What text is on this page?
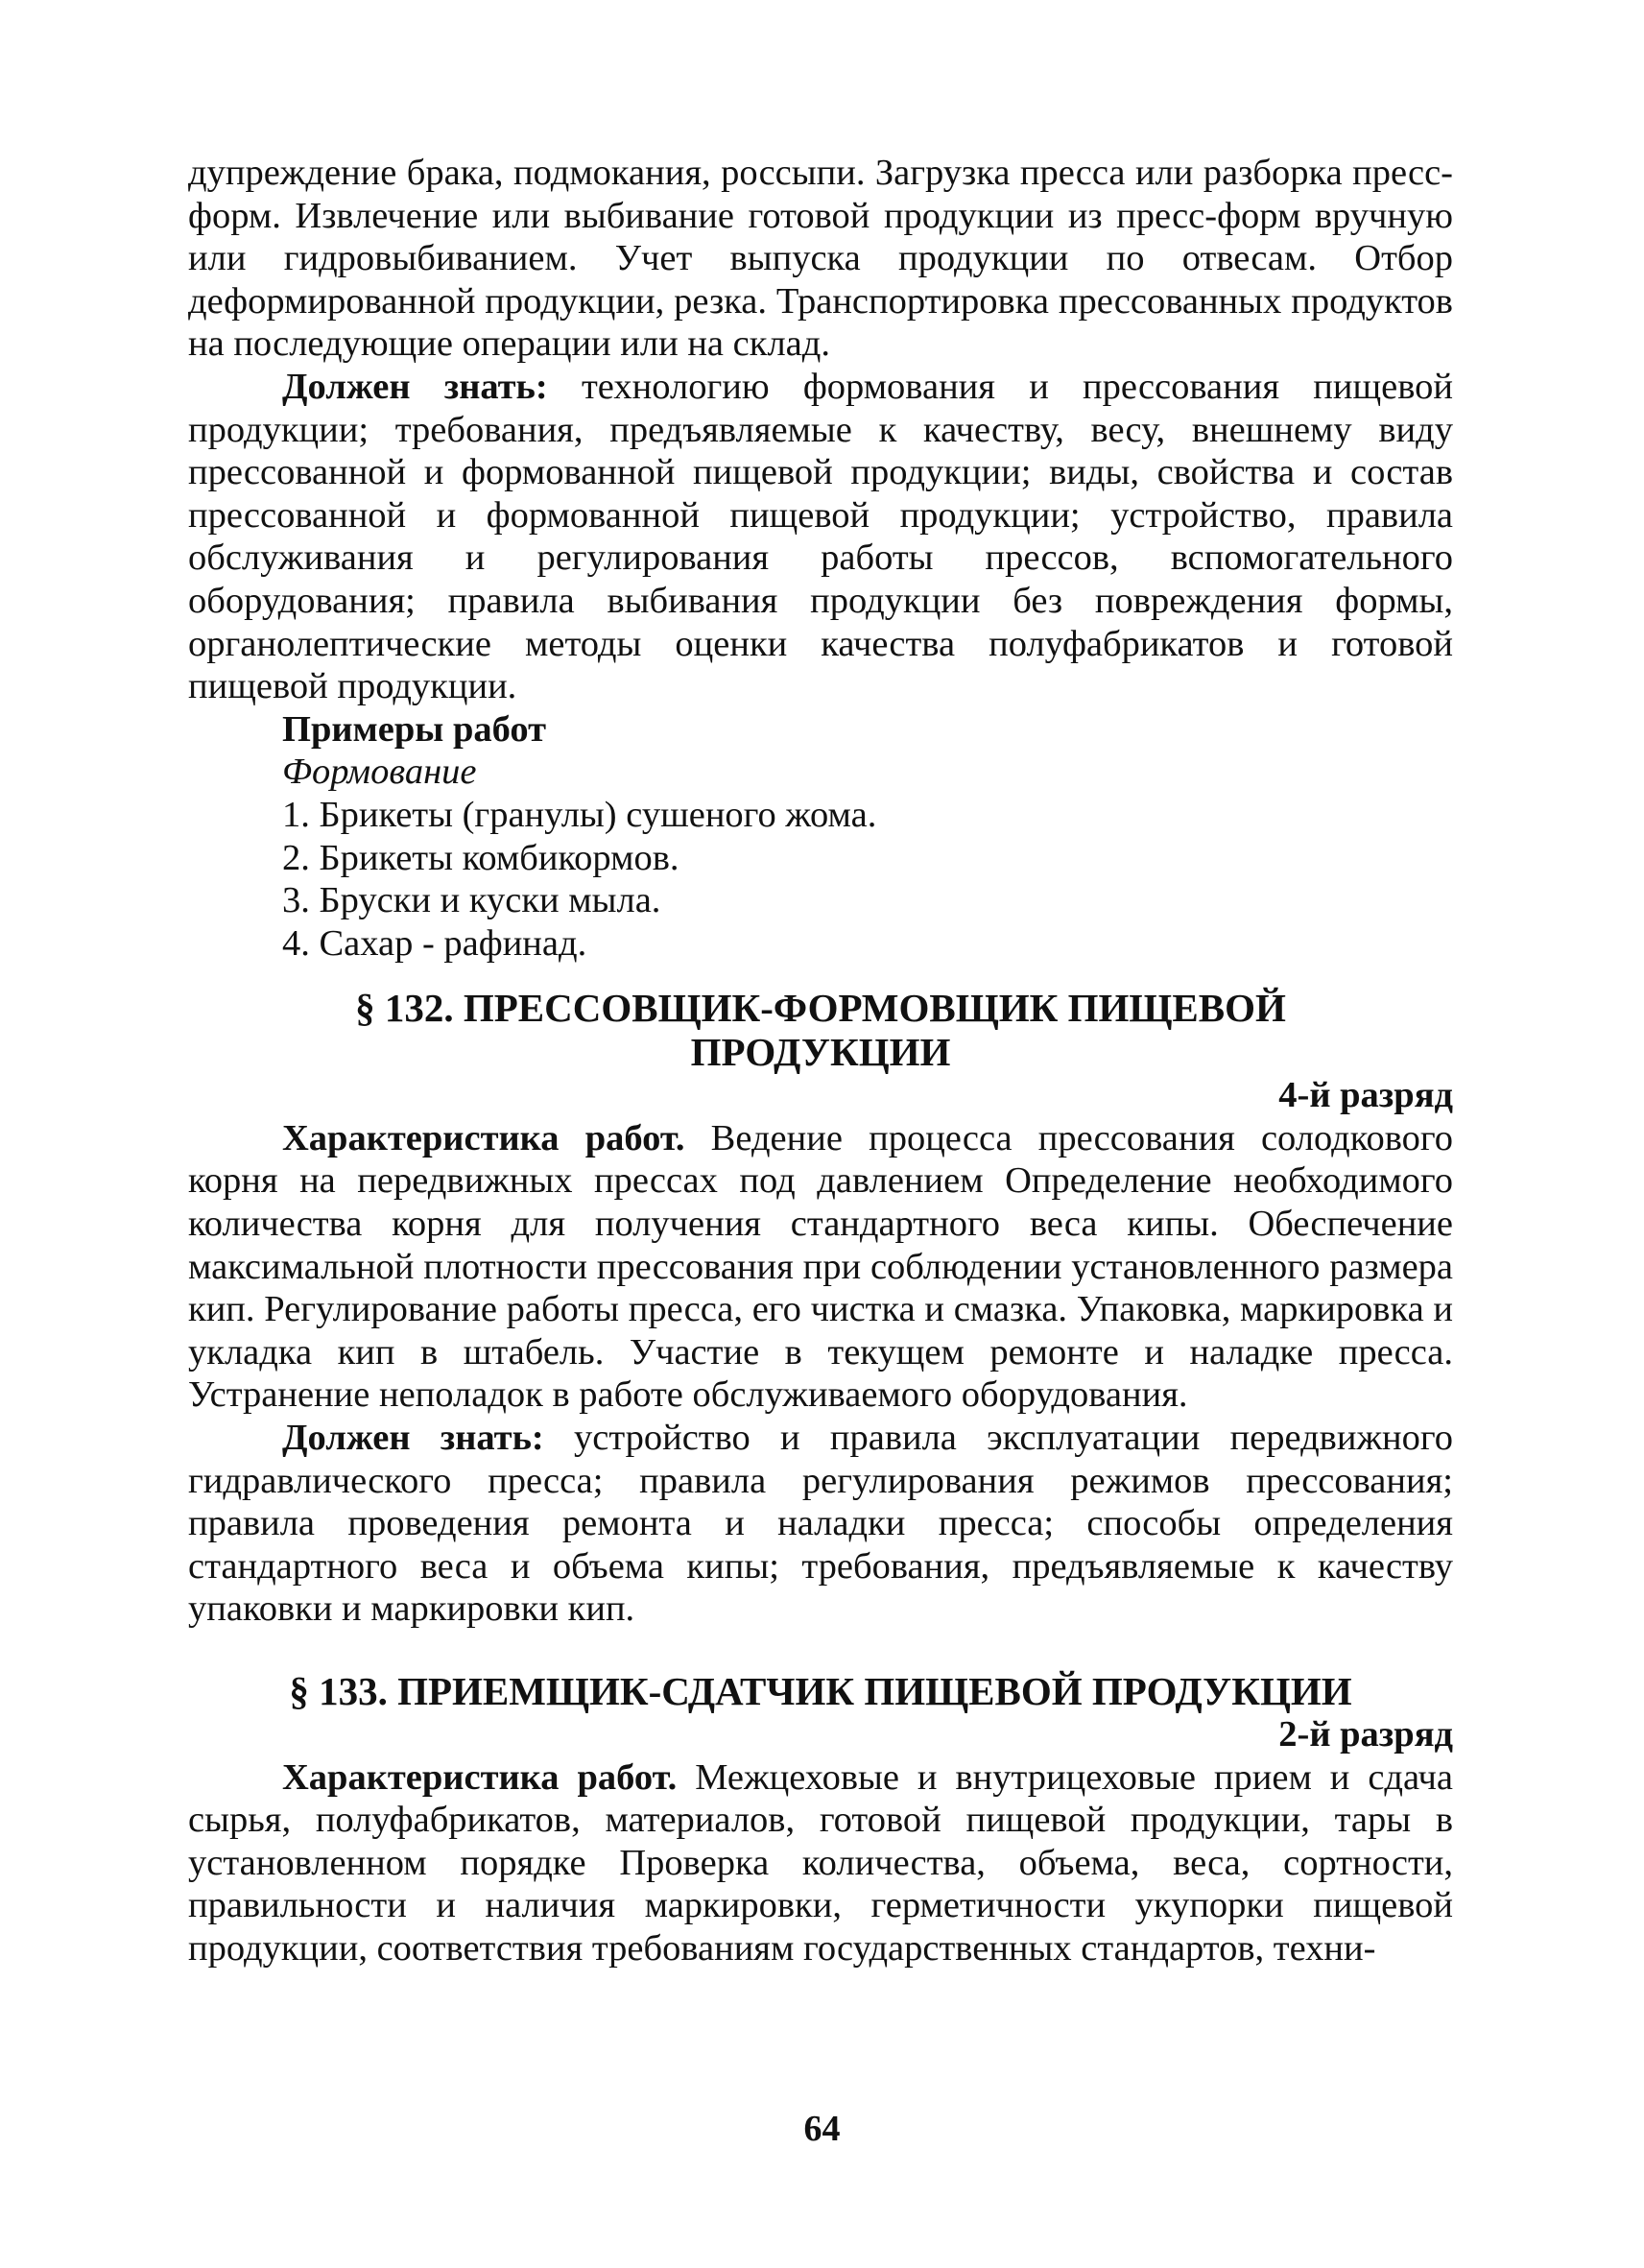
дупреждение брака, подмокания, россыпи. Загрузка пресса или разборка пресс-форм. Извлечение или выбивание готовой продукции из пресс-форм вручную или гидровыбиванием. Учет выпуска продукции по отвесам. Отбор деформированной продукции, резка. Транспортировка прессованных продуктов на последующие операции или на склад.

Должен знать: технологию формования и прессования пищевой продукции; требования, предъявляемые к качеству, весу, внешнему виду прессованной и формованной пищевой продукции; виды, свойства и состав прессованной и формованной пищевой продукции; устройство, правила обслуживания и регулирования работы прессов, вспомогательного оборудования; правила выбивания продукции без повреждения формы, органолептические методы оценки качества полуфабрикатов и готовой пищевой продукции.

Примеры работ

Формование

1. Брикеты (гранулы) сушеного жома.
2. Брикеты комбикормов.
3. Бруски и куски мыла.
4. Сахар - рафинад.

§ 132. ПРЕССОВЩИК-ФОРМОВЩИК ПИЩЕВОЙ

ПРОДУКЦИИ

4-й разряд

Характеристика работ. Ведение процесса прессования солодкового корня на передвижных прессах под давлением Определение необходимого количества корня для получения стандартного веса кипы. Обеспечение максимальной плотности прессования при соблюдении установленного размера кип. Регулирование работы пресса, его чистка и смазка. Упаковка, маркировка и укладка кип в штабель. Участие в текущем ремонте и наладке пресса. Устранение неполадок в работе обслуживаемого оборудования.

Должен знать: устройство и правила эксплуатации передвижного гидравлического пресса; правила регулирования режимов прессования; правила проведения ремонта и наладки пресса; способы определения стандартного веса и объема кипы; требования, предъявляемые к качеству упаковки и маркировки кип.

§ 133. ПРИЕМЩИК-СДАТЧИК ПИЩЕВОЙ ПРОДУКЦИИ

2-й разряд

Характеристика работ. Межцеховые и внутрицеховые прием и сдача сырья, полуфабрикатов, материалов, готовой пищевой продукции, тары в установленном порядке Проверка количества, объема, веса, сортности, правильности и наличия маркировки, герметичности укупорки пищевой продукции, соответствия требованиям государственных стандартов, техни-

64
